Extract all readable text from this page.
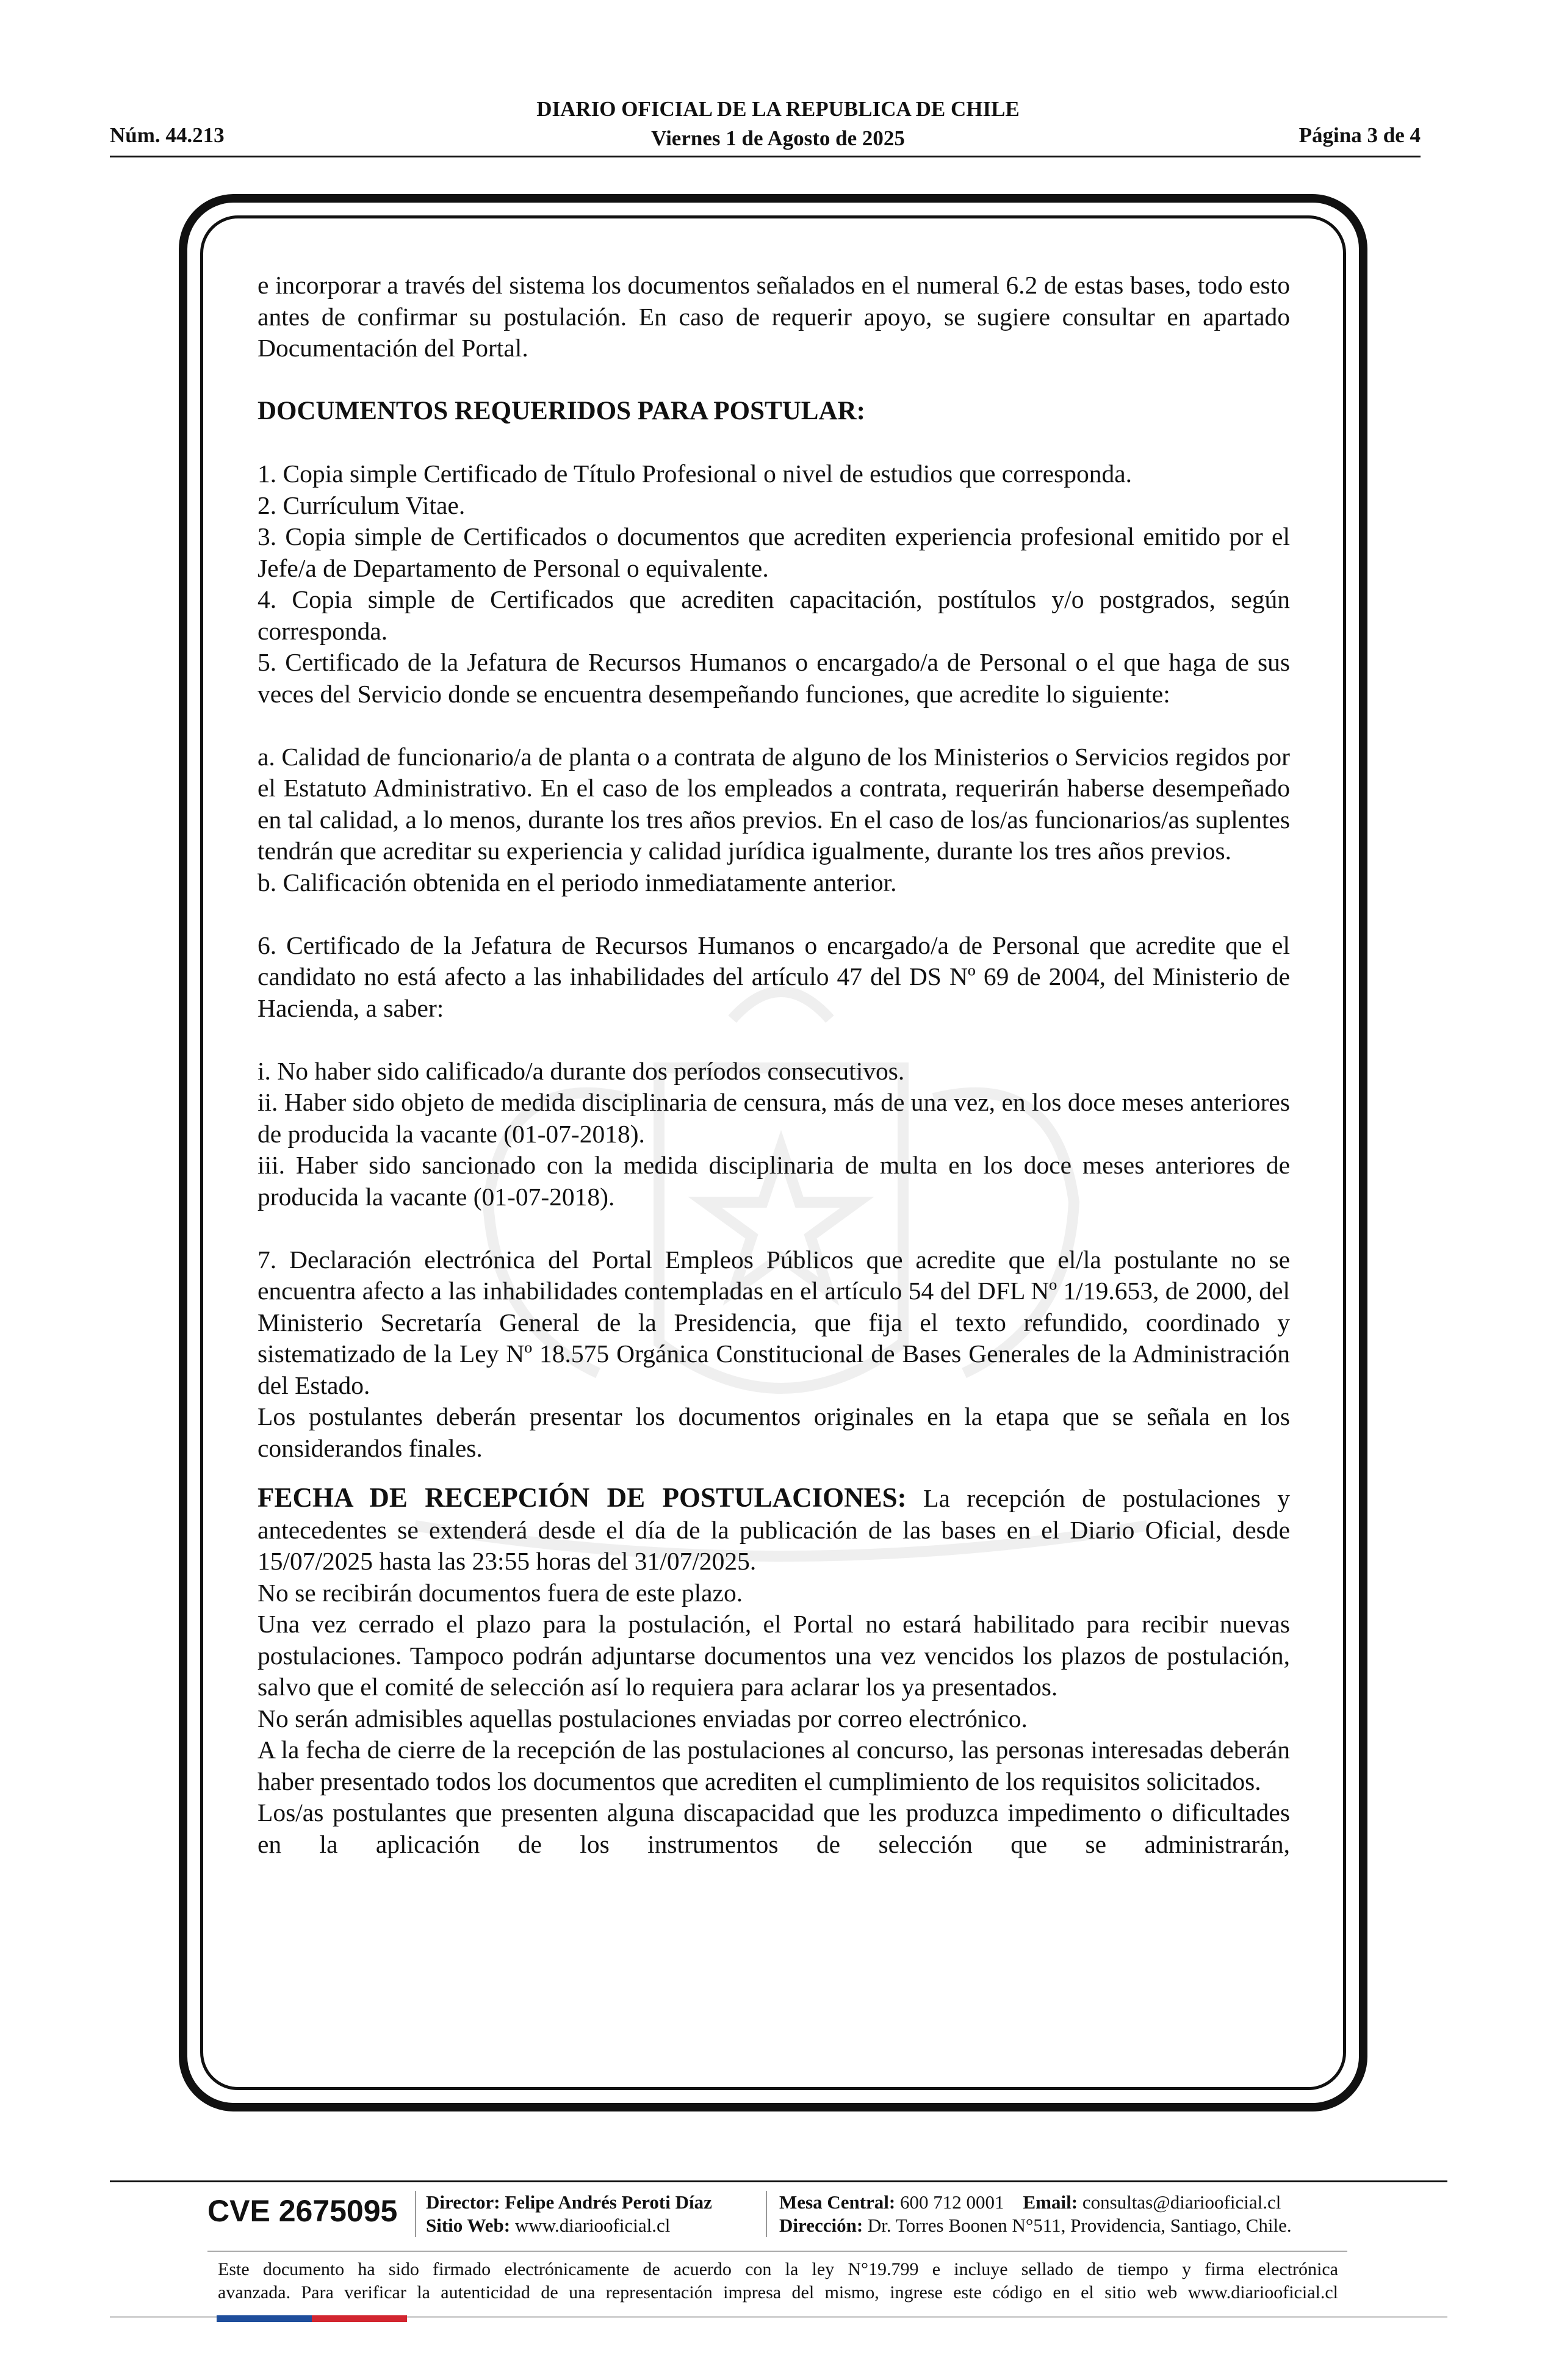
Núm. 44.213
DIARIO OFICIAL DE LA REPUBLICA DE CHILE
Viernes 1 de Agosto de 2025	Página 3 de 4

e incorporar a través del sistema los documentos señalados en el numeral 6.2 de estas bases, todo esto antes de confirmar su postulación. En caso de requerir apoyo, se sugiere consultar en apartado Documentación del Portal.

DOCUMENTOS REQUERIDOS PARA POSTULAR:

1. Copia simple Certificado de Título Profesional o nivel de estudios que corresponda.

2. Currículum Vitae.

3. Copia simple de Certificados o documentos que acrediten experiencia profesional emitido por el Jefe/a de Departamento de Personal o equivalente.

4. Copia simple de Certificados que acrediten capacitación, postítulos y/o postgrados, según corresponda.

5. Certificado de la Jefatura de Recursos Humanos o encargado/a de Personal o el que haga de sus veces del Servicio donde se encuentra desempeñando funciones, que acredite lo siguiente:

a. Calidad de funcionario/a de planta o a contrata de alguno de los Ministerios o Servicios regidos por el Estatuto Administrativo. En el caso de los empleados a contrata, requerirán haberse desempeñado en tal calidad, a lo menos, durante los tres años previos. En el caso de los/as funcionarios/as suplentes tendrán que acreditar su experiencia y calidad jurídica igualmente, durante los tres años previos.

b. Calificación obtenida en el periodo inmediatamente anterior.

6. Certificado de la Jefatura de Recursos Humanos o encargado/a de Personal que acredite que el candidato no está afecto a las inhabilidades del artículo 47 del DS Nº 69 de 2004, del Ministerio de Hacienda, a saber:

i. No haber sido calificado/a durante dos períodos consecutivos.

ii. Haber sido objeto de medida disciplinaria de censura, más de una vez, en los doce meses anteriores de producida la vacante (01-07-2018).

iii. Haber sido sancionado con la medida disciplinaria de multa en los doce meses anteriores de producida la vacante (01-07-2018).

7. Declaración electrónica del Portal Empleos Públicos que acredite que el/la postulante no se encuentra afecto a las inhabilidades contempladas en el artículo 54 del DFL Nº 1/19.653, de 2000, del Ministerio Secretaría General de la Presidencia, que fija el texto refundido, coordinado y sistematizado de la Ley Nº 18.575 Orgánica Constitucional de Bases Generales de la Administración del Estado.

Los postulantes deberán presentar los documentos originales en la etapa que se señala en los considerandos finales.

FECHA DE RECEPCIÓN DE POSTULACIONES: La recepción de postulaciones y antecedentes se extenderá desde el día de la publicación de las bases en el Diario Oficial, desde 15/07/2025 hasta las 23:55 horas del 31/07/2025.

No se recibirán documentos fuera de este plazo.

Una vez cerrado el plazo para la postulación, el Portal no estará habilitado para recibir nuevas postulaciones. Tampoco podrán adjuntarse documentos una vez vencidos los plazos de postulación, salvo que el comité de selección así lo requiera para aclarar los ya presentados.

No serán admisibles aquellas postulaciones enviadas por correo electrónico.

A la fecha de cierre de la recepción de las postulaciones al concurso, las personas interesadas deberán haber presentado todos los documentos que acrediten el cumplimiento de los requisitos solicitados.

Los/as postulantes que presenten alguna discapacidad que les produzca impedimento o dificultades en la aplicación de los instrumentos de selección que se administrarán,

CVE 2675095 Director: Felipe Andrés Peroti Díaz
Sitio Web: www.diariooficial.cl
Mesa Central: 600 712 0001 Email: consultas@diariooficial.cl
Dirección: Dr. Torres Boonen N°511, Providencia, Santiago, Chile.

Este documento ha sido firmado electrónicamente de acuerdo con la ley N°19.799 e incluye sellado de tiempo y firma electrónica

avanzada. Para verificar la autenticidad de una representación impresa del mismo, ingrese este código en el sitio web www.diariooficial.cl
